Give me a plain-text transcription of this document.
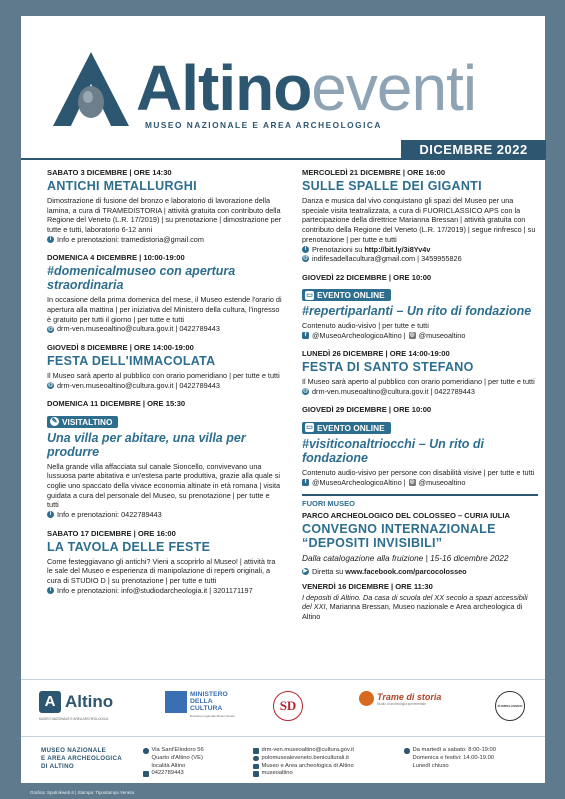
Altinoeventi
MUSEO NAZIONALE E AREA ARCHEOLOGICA
DICEMBRE 2022
SABATO 3 DICEMBRE | ORE 14:30
ANTICHI METALLURGHI
Dimostrazione di fusione del bronzo e laboratorio di lavorazione della lamina, a cura di TRAMEDISTORIA | attività gratuita con contributo della Regione del Veneto (L.R. 17/2019) | su prenotazione | dimostrazione per tutte e tutti, laboratorio 6-12 anni
i Info e prenotazioni: tramedistoria@gmail.com
DOMENICA 4 DICEMBRE | 10:00-19:00
#domenicalmuseo con apertura straordinaria
In occasione della prima domenica del mese, il Museo estende l'orario di apertura alla mattina | per iniziativa del Ministero della cultura, l'ingresso è gratuito per tutti il giorno | per tutte e tutti
@ drm-ven.museoaltino@cultura.gov.it | 0422789443
GIOVEDÌ 8 DICEMBRE | ORE 14:00-19:00
FESTA DELL'IMMACOLATA
Il Museo sarà aperto al pubblico con orario pomeridiano | per tutte e tutti
@ drm-ven.museoaltino@cultura.gov.it | 0422789443
DOMENICA 11 DICEMBRE | ORE 15:30
✎ VISITALTINO
Una villa per abitare, una villa per produrre
Nella grande villa affacciata sul canale Sioncello, convivevano una lussuosa parte abitativa e un'estesa parte produttiva, grazie alla quale si coglie uno spaccato della vivace economia altinate in età romana | visita guidata a cura del personale del Museo, su prenotazione | per tutte e tutti
i Info e prenotazioni: 0422789443
SABATO 17 DICEMBRE | ORE 16:00
LA TAVOLA DELLE FESTE
Come festeggiavano gli antichi? Vieni a scoprirlo al Museo! | attività tra le sale del Museo e esperienza di manipolazione di reperti originali, a cura di STUDIO D | su prenotazione | per tutte e tutti
i Info e prenotazioni: info@studiodarcheologia.it | 3201171197
MERCOLEDÌ 21 DICEMBRE | ORE 16:00
SULLE SPALLE DEI GIGANTI
Danza e musica dal vivo conquistano gli spazi del Museo per una speciale visita teatralizzata, a cura di FUORICLASSICO APS con la partecipazione della direttrice Marianna Bressan | attività gratuita con contributo della Regione del Veneto (L.R. 17/2019) | segue rinfresco | su prenotazione | per tutte e tutti
i Prenotazioni su http://bit.ly/3i8Yv4v
@ indifesadellacultura@gmail.com | 3459955826
GIOVEDÌ 22 DICEMBRE | ORE 10:00
▭ EVENTO ONLINE
#repertiparlanti – Un rito di fondazione
Contenuto audio-visivo | per tutte e tutti
f @MuseoArcheologicoAltino | ◎ @museoaltino
LUNEDÌ 26 DICEMBRE | ORE 14:00-19:00
FESTA DI SANTO STEFANO
Il Museo sarà aperto al pubblico con orario pomeridiano | per tutte e tutti
@ drm-ven.museoaltino@cultura.gov.it | 0422789443
GIOVEDÌ 29 DICEMBRE | ORE 10:00
▭ EVENTO ONLINE
#visiticonaltriocchi – Un rito di fondazione
Contenuto audio-visivo per persone con disabilità visive | per tutte e tutti
f @MuseoArcheologicoAltino | ◎ @museoaltino
FUORI MUSEO
PARCO ARCHEOLOGICO DEL COLOSSEO – CURIA IULIA
CONVEGNO INTERNAZIONALE “DEPOSITI INVISIBILI”
Dalla catalogazione alla fruizione | 15-16 dicembre 2022
▶ Diretta su www.facebook.com/parcocolosseo
VENERDÌ 16 DICEMBRE | ORE 11:30
I depositi di Altino. Da casa di scuola del XX secolo a spazi accessibili del XXI, Marianna Bressan, Museo nazionale e Area archeologica di Altino
A Altino
MUSEO NAZIONALE E AREA ARCHEOLOGICA
MINISTERO
DELLA
CULTURA
Direzione regionale Musei Veneto
SD
Trame di storia
Studio di archeologia sperimentale
FUORICLASSICO
MUSEO NAZIONALE
E AREA ARCHEOLOGICA
DI ALTINO
Via Sant'Eliodoro 56
Quarto d'Altino (VE)
località Altino
0422789443
drm-ven.museoaltino@cultura.gov.it
polomusealeveneto.beniculturali.it
Museo e Area archeologica di Altino
museoaltino
Da martedì a sabato: 8:00-19:00
Domenica e festivi: 14.00-19.00
Lunedì chiuso
Grafica: Sputnikweb.it | Stampa: Tipostampa Veneta
